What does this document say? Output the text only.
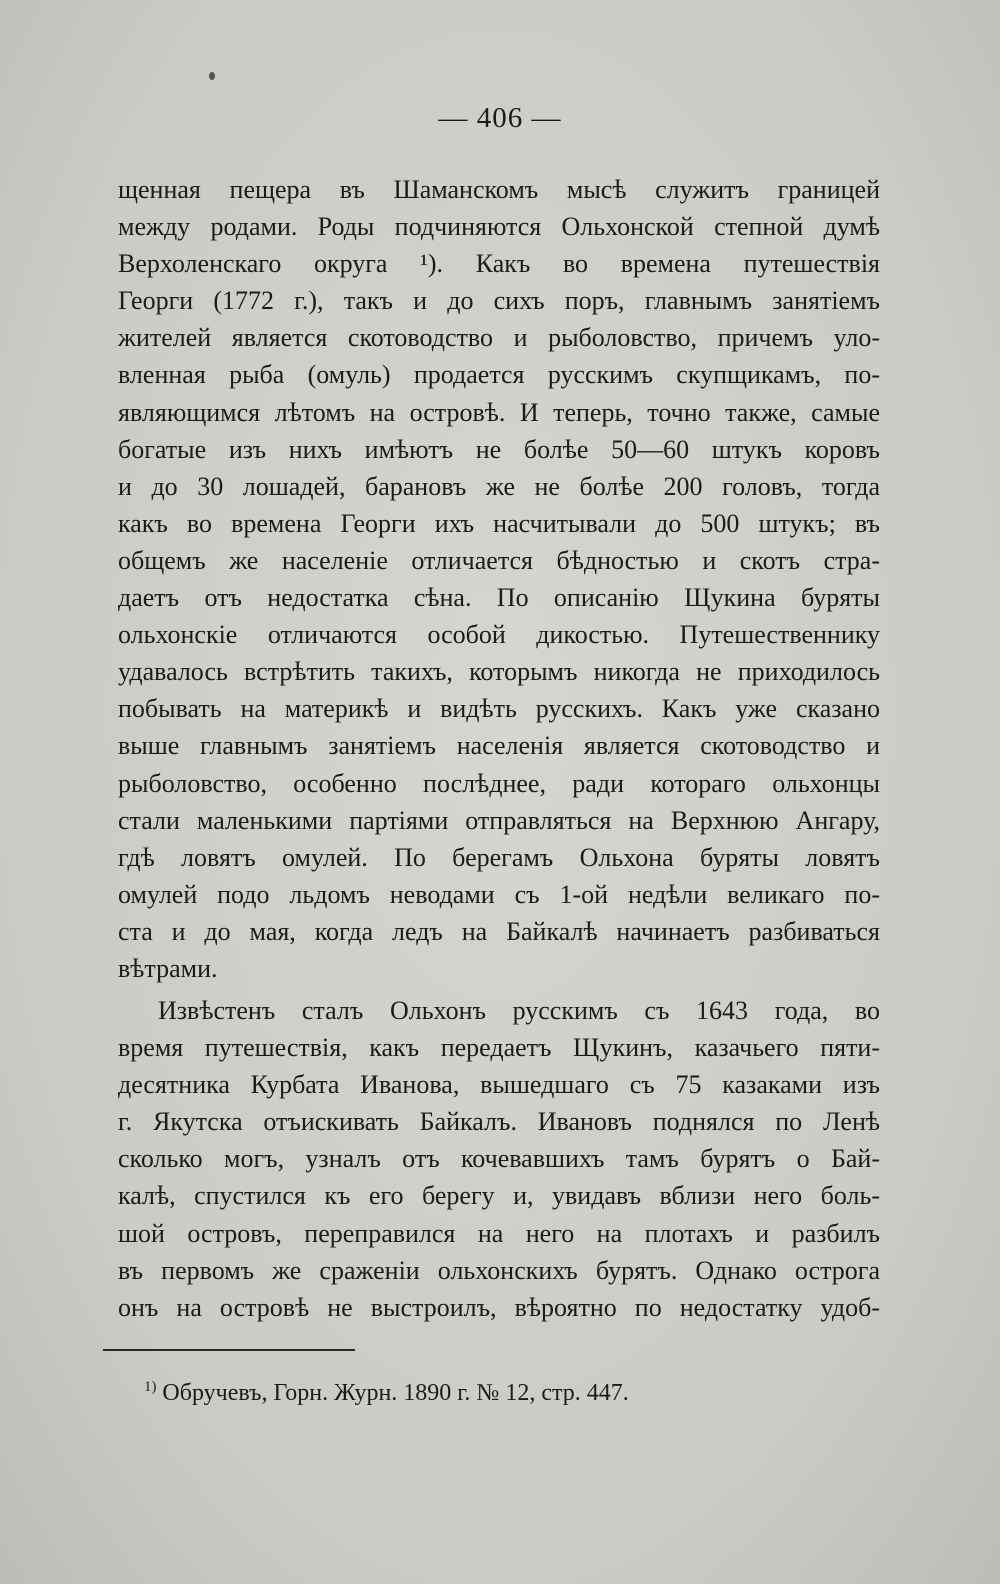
— 406 —
щенная пещера въ Шаманскомъ мысѣ служитъ границей
между родами. Роды подчиняются Ольхонской степной думѣ
Верхоленскаго округа ¹). Какъ во времена путешествія
Георги (1772 г.), такъ и до сихъ поръ, главнымъ занятіемъ
жителей является скотоводство и рыболовство, причемъ уло-
вленная рыба (омуль) продается русскимъ скупщикамъ, по-
являющимся лѣтомъ на островѣ. И теперь, точно также, самые
богатые изъ нихъ имѣютъ не болѣе 50—60 штукъ коровъ
и до 30 лошадей, барановъ же не болѣе 200 головъ, тогда
какъ во времена Георги ихъ насчитывали до 500 штукъ; въ
общемъ же населеніе отличается бѣдностью и скотъ стра-
даетъ отъ недостатка сѣна. По описанію Щукина буряты
ольхонскіе отличаются особой дикостью. Путешественнику
удавалось встрѣтить такихъ, которымъ никогда не приходилось
побывать на материкѣ и видѣть русскихъ. Какъ уже сказано
выше главнымъ занятіемъ населенія является скотоводство и
рыболовство, особенно послѣднее, ради котораго ольхонцы
стали маленькими партіями отправляться на Верхнюю Ангару,
гдѣ ловятъ омулей. По берегамъ Ольхона буряты ловятъ
омулей подо льдомъ неводами съ 1-ой недѣли великаго по-
ста и до мая, когда ледъ на Байкалѣ начинаетъ разбиваться
вѣтрами.
Извѣстенъ сталъ Ольхонъ русскимъ съ 1643 года, во
время путешествія, какъ передаетъ Щукинъ, казачьего пяти-
десятника Курбата Иванова, вышедшаго съ 75 казаками изъ
г. Якутска отъискивать Байкалъ. Ивановъ поднялся по Ленѣ
сколько могъ, узналъ отъ кочевавшихъ тамъ бурятъ о Бай-
калѣ, спустился къ его берегу и, увидавъ вблизи него боль-
шой островъ, переправился на него на плотахъ и разбилъ
въ первомъ же сраженіи ольхонскихъ бурятъ. Однако острога
онъ на островѣ не выстроилъ, вѣроятно по недостатку удоб-
$^{1)}$ Обручевъ, Горн. Журн. 1890 г. № 12, стр. 447.
